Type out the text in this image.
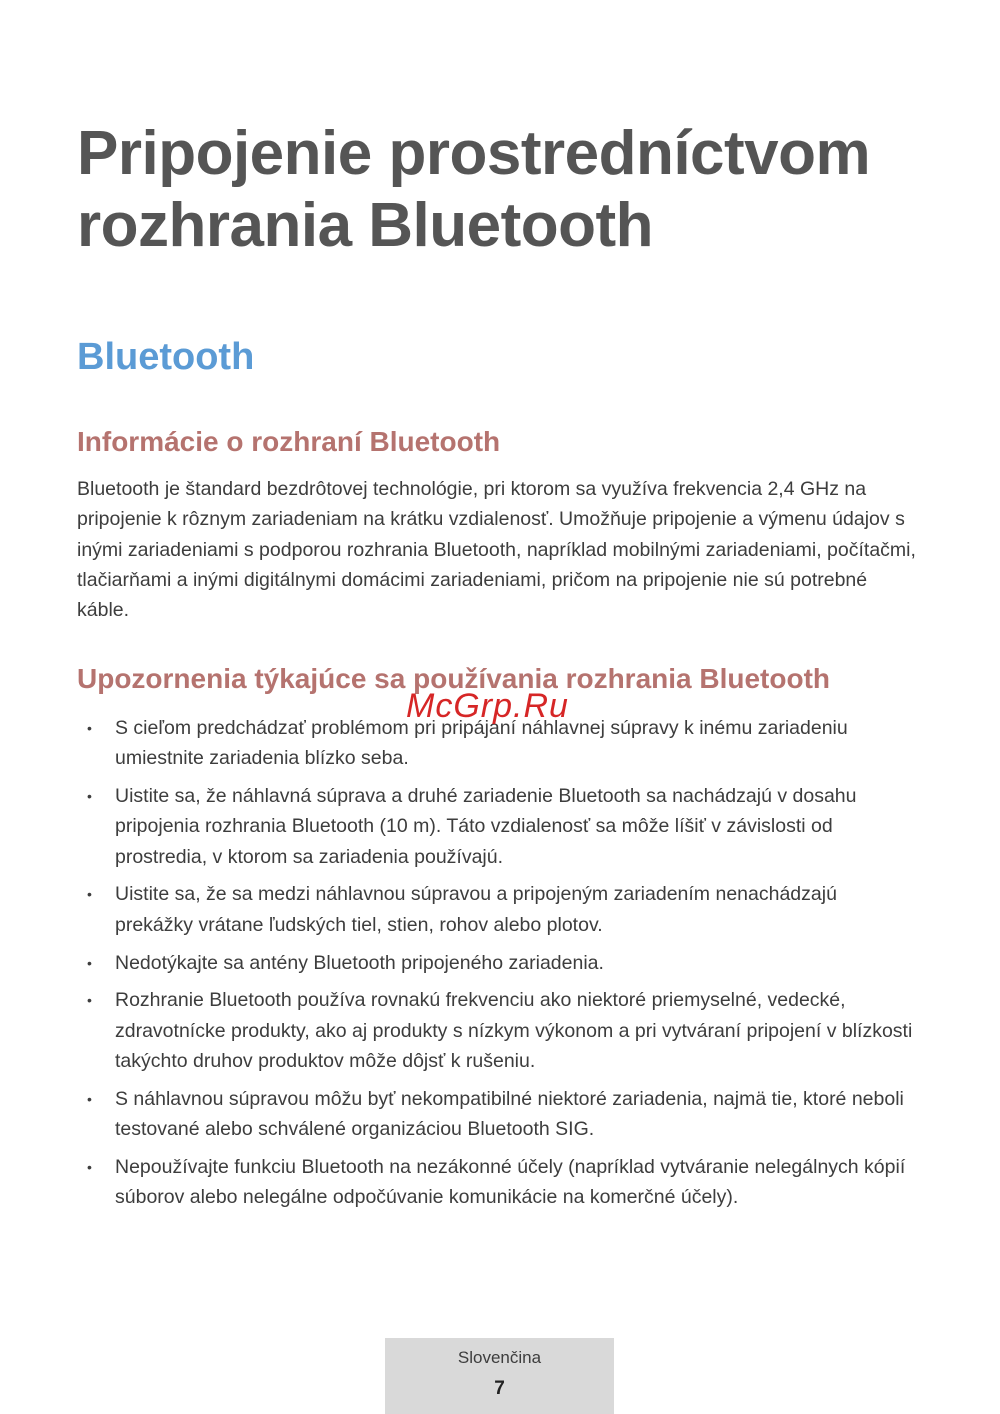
Pripojenie prostredníctvom rozhrania Bluetooth
Bluetooth
Informácie o rozhraní Bluetooth

Bluetooth je štandard bezdrôtovej technológie, pri ktorom sa využíva frekvencia 2,4 GHz na pripojenie k rôznym zariadeniam na krátku vzdialenosť. Umožňuje pripojenie a výmenu údajov s inými zariadeniami s podporou rozhrania Bluetooth, napríklad mobilnými zariadeniami, počítačmi, tlačiarňami a inými digitálnymi domácimi zariadeniami, pričom na pripojenie nie sú potrebné káble.

Upozornenia týkajúce sa používania rozhrania Bluetooth
• S cieľom predchádzať problémom pri pripájaní náhlavnej súpravy k inému zariadeniu umiestnite zariadenia blízko seba.
• Uistite sa, že náhlavná súprava a druhé zariadenie Bluetooth sa nachádzajú v dosahu pripojenia rozhrania Bluetooth (10 m). Táto vzdialenosť sa môže líšiť v závislosti od prostredia, v ktorom sa zariadenia používajú.
• Uistite sa, že sa medzi náhlavnou súpravou a pripojeným zariadením nenachádzajú prekážky vrátane ľudských tiel, stien, rohov alebo plotov.
• Nedotýkajte sa antény Bluetooth pripojeného zariadenia.
• Rozhranie Bluetooth používa rovnakú frekvenciu ako niektoré priemyselné, vedecké, zdravotnícke produkty, ako aj produkty s nízkym výkonom a pri vytváraní pripojení v blízkosti takýchto druhov produktov môže dôjsť k rušeniu.
• S náhlavnou súpravou môžu byť nekompatibilné niektoré zariadenia, najmä tie, ktoré neboli testované alebo schválené organizáciou Bluetooth SIG.
• Nepoužívajte funkciu Bluetooth na nezákonné účely (napríklad vytváranie nelegálnych kópií súborov alebo nelegálne odpočúvanie komunikácie na komerčné účely).
McGrp.Ru
Slovenčina
7
